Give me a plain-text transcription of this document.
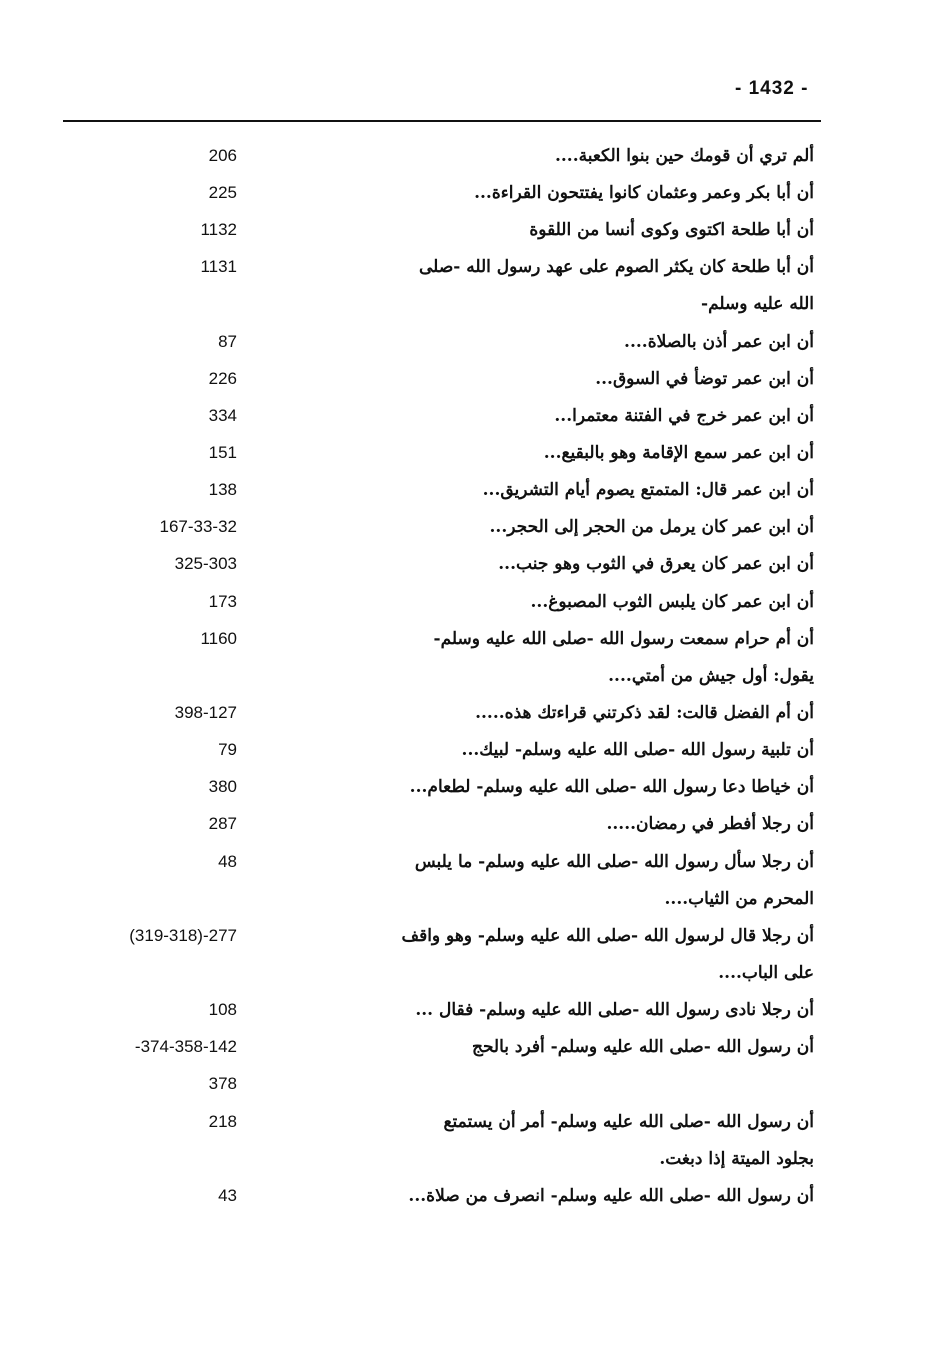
- 1432 -
ألم تري أن قومك حين بنوا الكعبة....
206
أن أبا بكر وعمر وعثمان كانوا يفتتحون القراءة...
225
أن أبا طلحة اكتوى وكوى أنسا من اللقوة
1132
أن أبا طلحة كان يكثر الصوم على عهد رسول الله -صلى
1131
الله عليه وسلم-
أن ابن عمر أذن بالصلاة....
87
أن ابن عمر توضأ في السوق...
226
أن ابن عمر خرج في الفتنة معتمرا...
334
أن ابن عمر سمع الإقامة وهو بالبقيع...
151
أن ابن عمر قال: المتمتع يصوم أيام التشريق...
138
أن ابن عمر كان يرمل من الحجر إلى الحجر...
167-33-32
أن ابن عمر كان يعرق في الثوب وهو جنب...
325-303
أن ابن عمر كان يلبس الثوب المصبوغ...
173
أن أم حرام سمعت رسول الله -صلى الله عليه وسلم-
1160
يقول: أول جيش من أمتي....
أن أم الفضل قالت: لقد ذكرتني قراءتك هذه.....
398-127
أن تلبية رسول الله -صلى الله عليه وسلم- لبيك...
79
أن خياطا دعا رسول الله -صلى الله عليه وسلم- لطعام...
380
أن رجلا أفطر في رمضان.....
287
أن رجلا سأل رسول الله -صلى الله عليه وسلم- ما يلبس
48
المحرم من الثياب....
أن رجلا قال لرسول الله -صلى الله عليه وسلم- وهو واقف
(319-318)-277
على الباب....
أن رجلا نادى رسول الله -صلى الله عليه وسلم- فقال ...
108
أن رسول الله -صلى الله عليه وسلم- أفرد بالحج
-374-358-142
378
أن رسول الله -صلى الله عليه وسلم- أمر أن يستمتع
218
بجلود الميتة إذا دبغت.
أن رسول الله -صلى الله عليه وسلم- انصرف من صلاة...
43
